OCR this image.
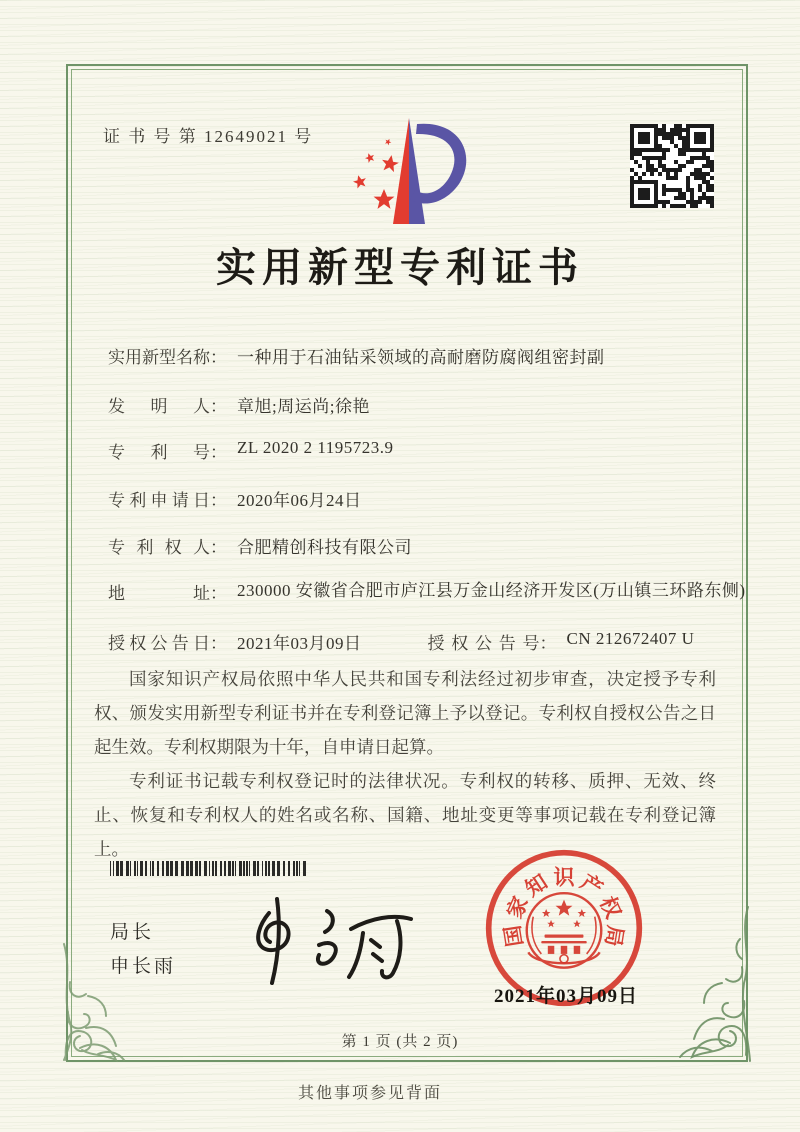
证 书 号 第 12649021 号
实用新型专利证书
实用新型名称： 一种用于石油钻采领域的高耐磨防腐阀组密封副
发明人： 章旭;周运尚;徐艳
专利号： ZL 2020 2 1195723.9
专利申请日： 2020年06月24日
专利权人： 合肥精创科技有限公司
地址： 230000 安徽省合肥市庐江县万金山经济开发区(万山镇三环路东侧)
授权公告日： 2021年03月09日	授权公告号： CN 212672407 U

国家知识产权局依照中华人民共和国专利法经过初步审查，决定授予专利权、颁发实用新型专利证书并在专利登记簿上予以登记。专利权自授权公告之日起生效。专利权期限为十年，自申请日起算。

专利证书记载专利权登记时的法律状况。专利权的转移、质押、无效、终止、恢复和专利权人的姓名或名称、国籍、地址变更等事项记载在专利登记簿上。

局长
申长雨
国
家
知 识 产
权
局
2021年03月09日
第 1 页 (共 2 页)
其他事项参见背面
